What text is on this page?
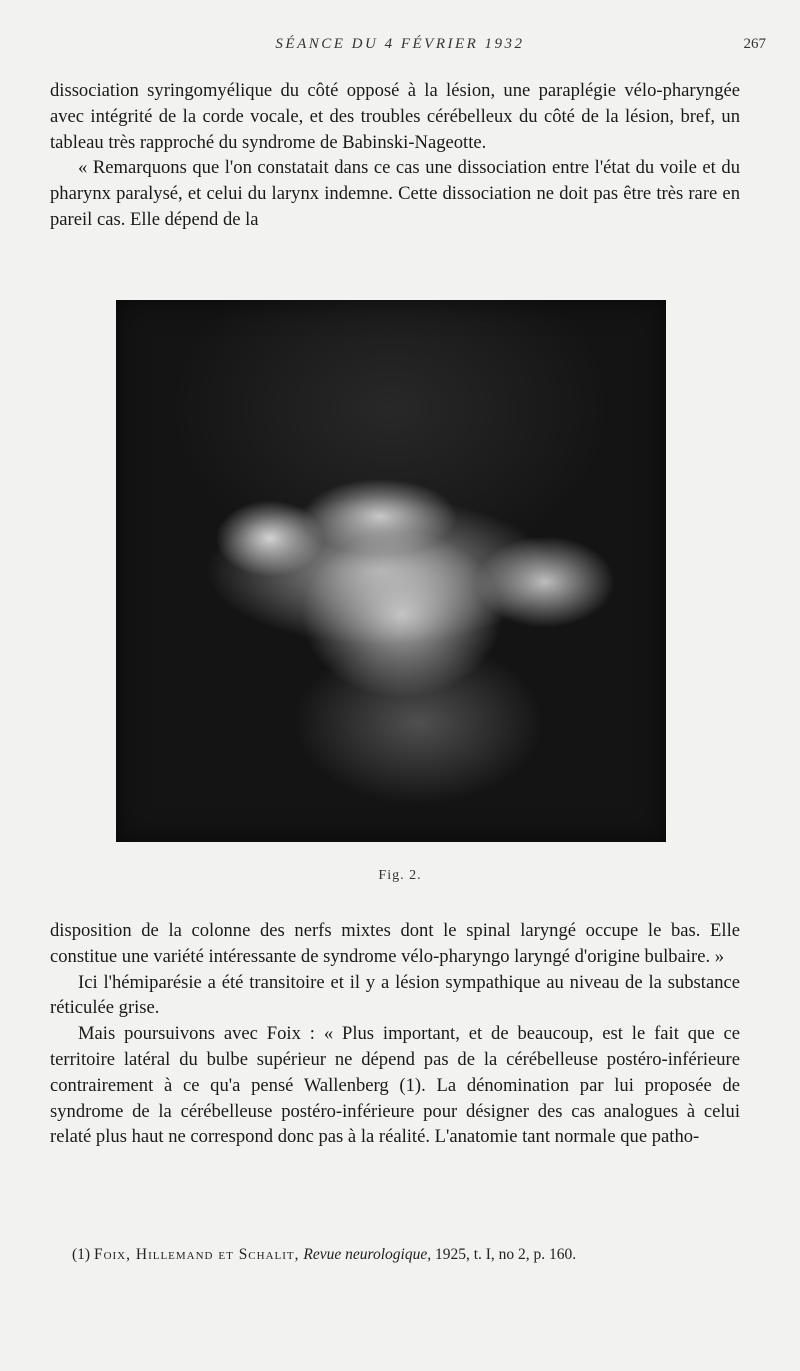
SÉANCE DU 4 FÉVRIER 1932	267

dissociation syringomyélique du côté opposé à la lésion, une paraplégie vélo-pharyngée avec intégrité de la corde vocale, et des troubles cérébelleux du côté de la lésion, bref, un tableau très rapproché du syndrome de Babinski-Nageotte.

« Remarquons que l'on constatait dans ce cas une dissociation entre l'état du voile et du pharynx paralysé, et celui du larynx indemne. Cette dissociation ne doit pas être très rare en pareil cas. Elle dépend de la

Fig. 2.

disposition de la colonne des nerfs mixtes dont le spinal laryngé occupe le bas. Elle constitue une variété intéressante de syndrome vélo-pharyngo laryngé d'origine bulbaire. »

Ici l'hémiparésie a été transitoire et il y a lésion sympathique au niveau de la substance réticulée grise.

Mais poursuivons avec Foix : « Plus important, et de beaucoup, est le fait que ce territoire latéral du bulbe supérieur ne dépend pas de la cérébelleuse postéro-inférieure contrairement à ce qu'a pensé Wallenberg (1). La dénomination par lui proposée de syndrome de la cérébelleuse postéro-inférieure pour désigner des cas analogues à celui relaté plus haut ne correspond donc pas à la réalité. L'anatomie tant normale que patho-

(1) Foix, Hillemand et Schalit, Revue neurologique, 1925, t. I, no 2, p. 160.
